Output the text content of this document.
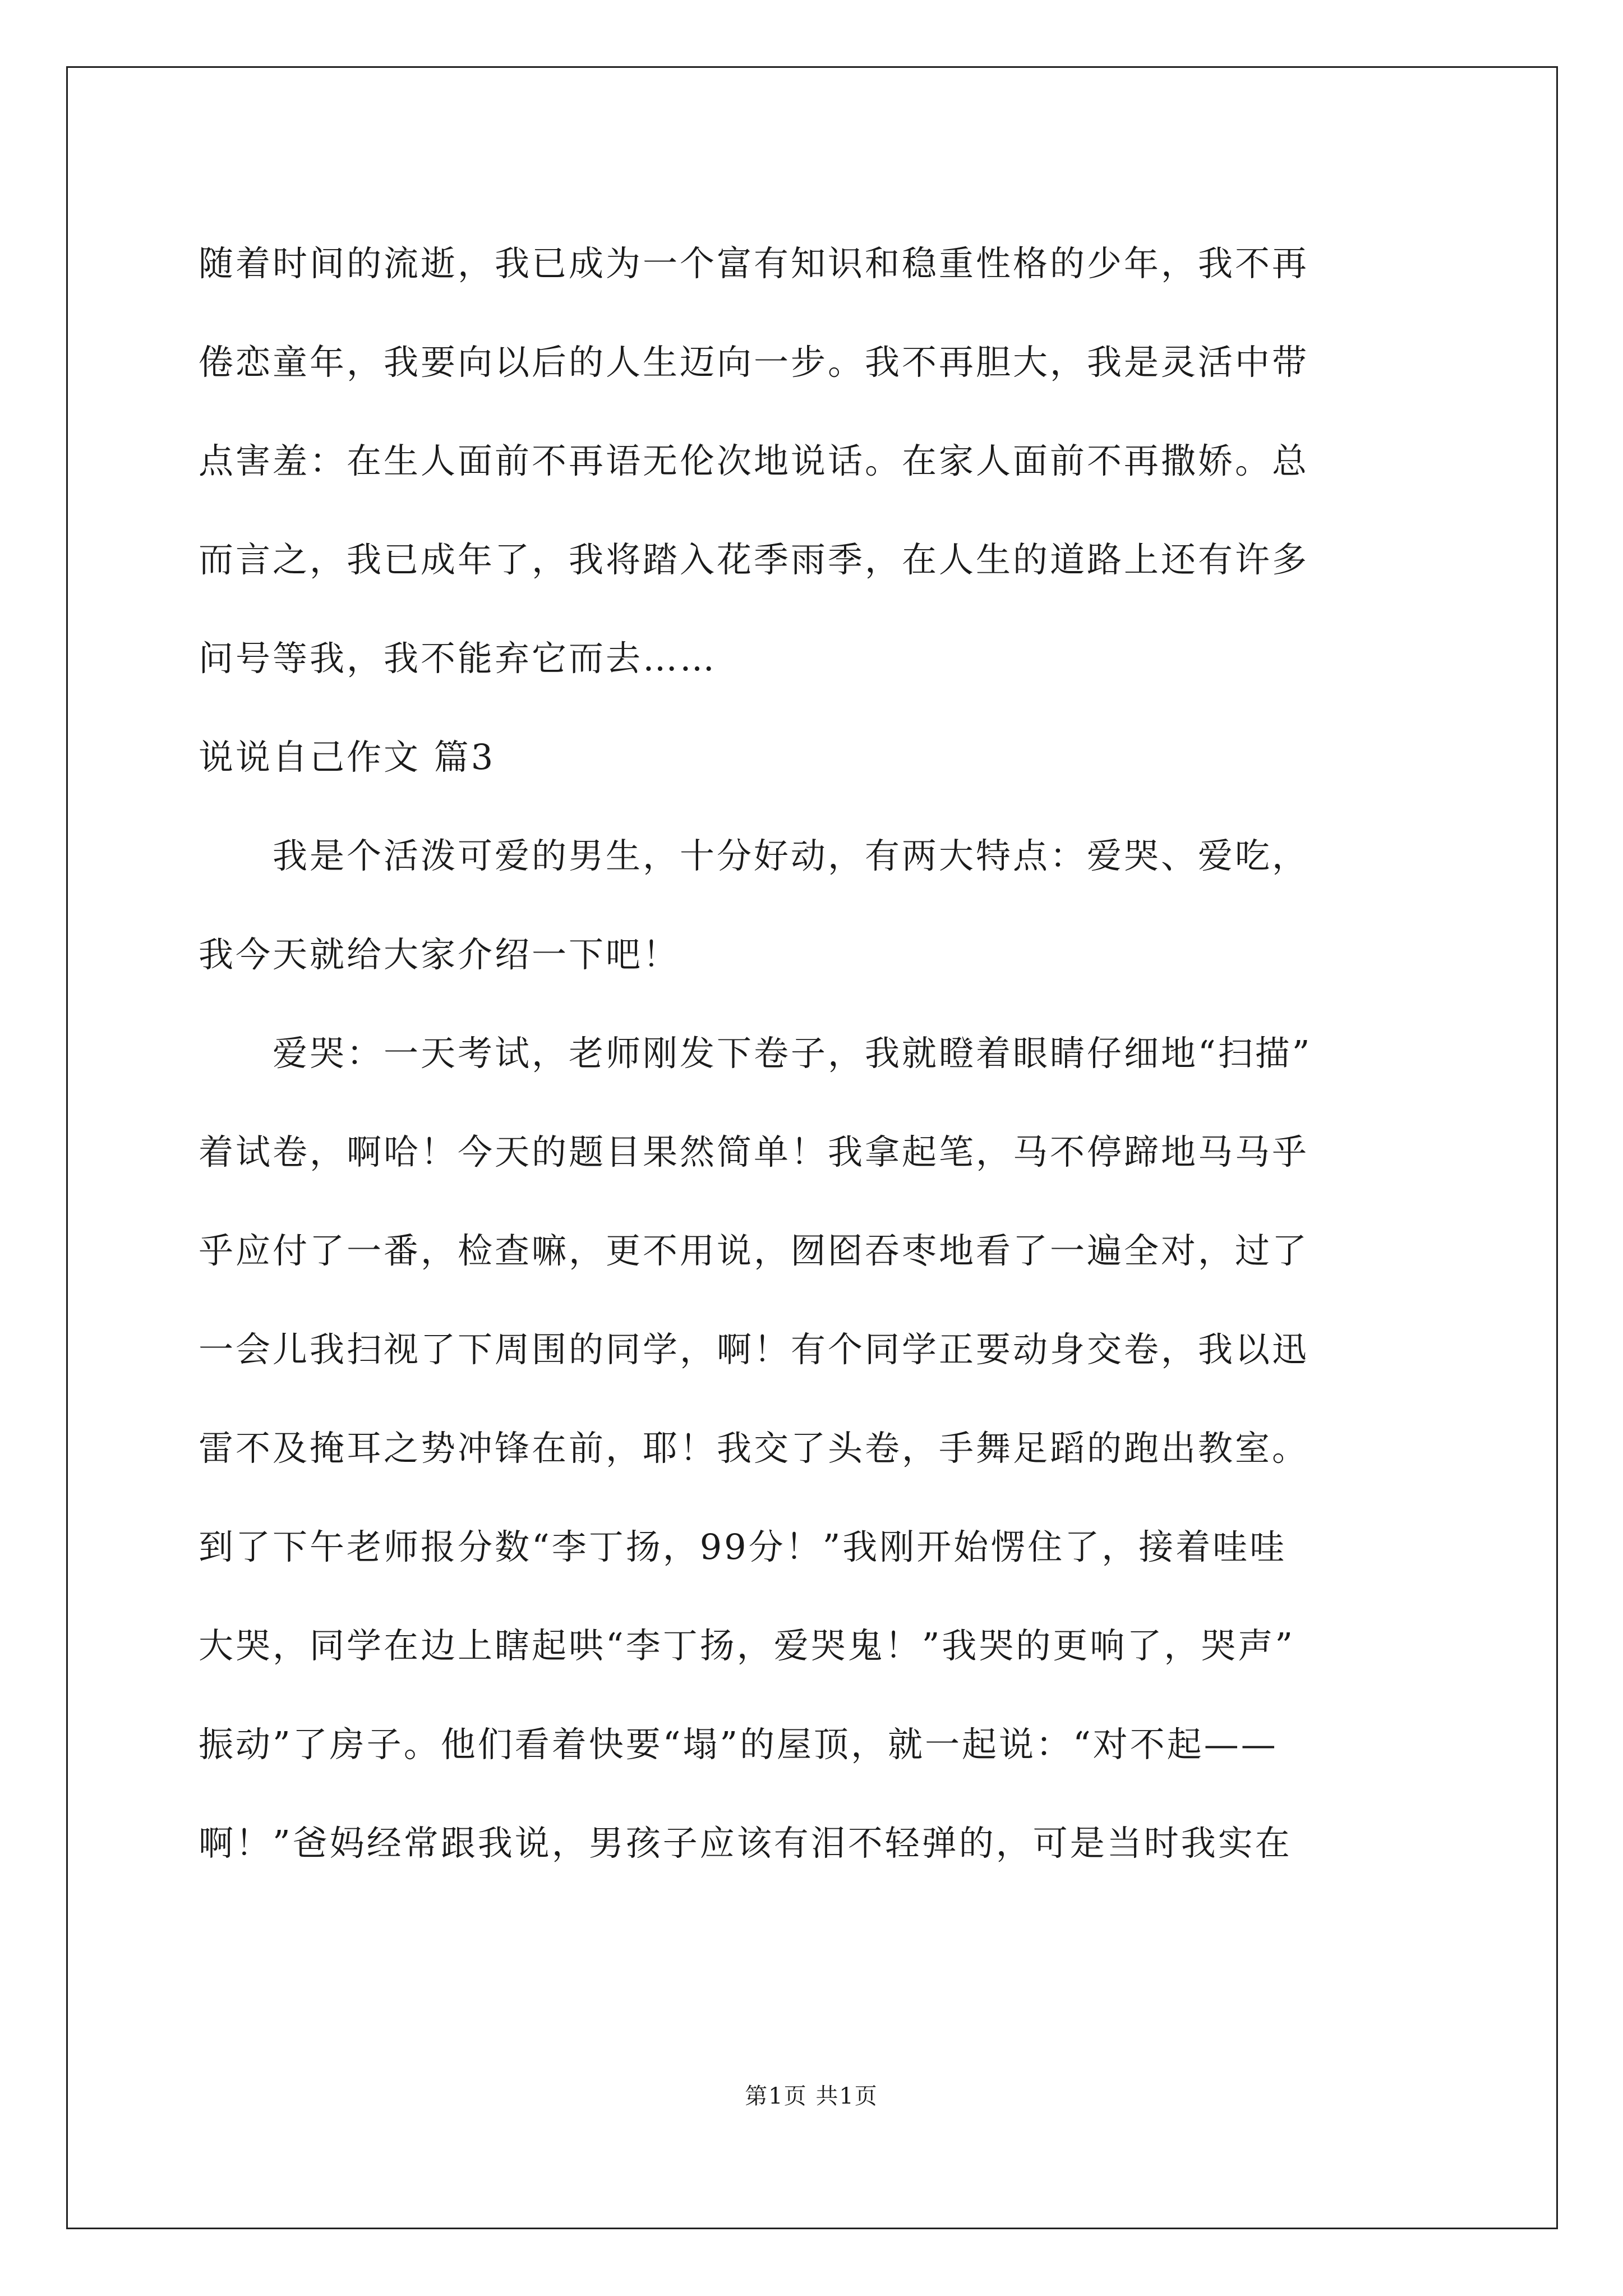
随着时间的流逝，我已成为一个富有知识和稳重性格的少年，我不再
倦恋童年，我要向以后的人生迈向一步。我不再胆大，我是灵活中带
点害羞：在生人面前不再语无伦次地说话。在家人面前不再撒娇。总
而言之，我已成年了，我将踏入花季雨季，在人生的道路上还有许多
问号等我，我不能弃它而去……
说说自己作文 篇3
我是个活泼可爱的男生，十分好动，有两大特点：爱哭、爱吃，
我今天就给大家介绍一下吧！
爱哭：一天考试，老师刚发下卷子，我就瞪着眼睛仔细地“扫描”
着试卷，啊哈！今天的题目果然简单！我拿起笔，马不停蹄地马马乎
乎应付了一番，检查嘛，更不用说，囫囵吞枣地看了一遍全对，过了
一会儿我扫视了下周围的同学，啊！有个同学正要动身交卷，我以迅
雷不及掩耳之势冲锋在前，耶！我交了头卷，手舞足蹈的跑出教室。
到了下午老师报分数“李丁扬，99分！”我刚开始愣住了，接着哇哇
大哭，同学在边上瞎起哄“李丁扬，爱哭鬼！”我哭的更响了，哭声”
振动”了房子。他们看着快要“塌”的屋顶，就一起说：“对不起——
啊！”爸妈经常跟我说，男孩子应该有泪不轻弹的，可是当时我实在
第1页 共1页
